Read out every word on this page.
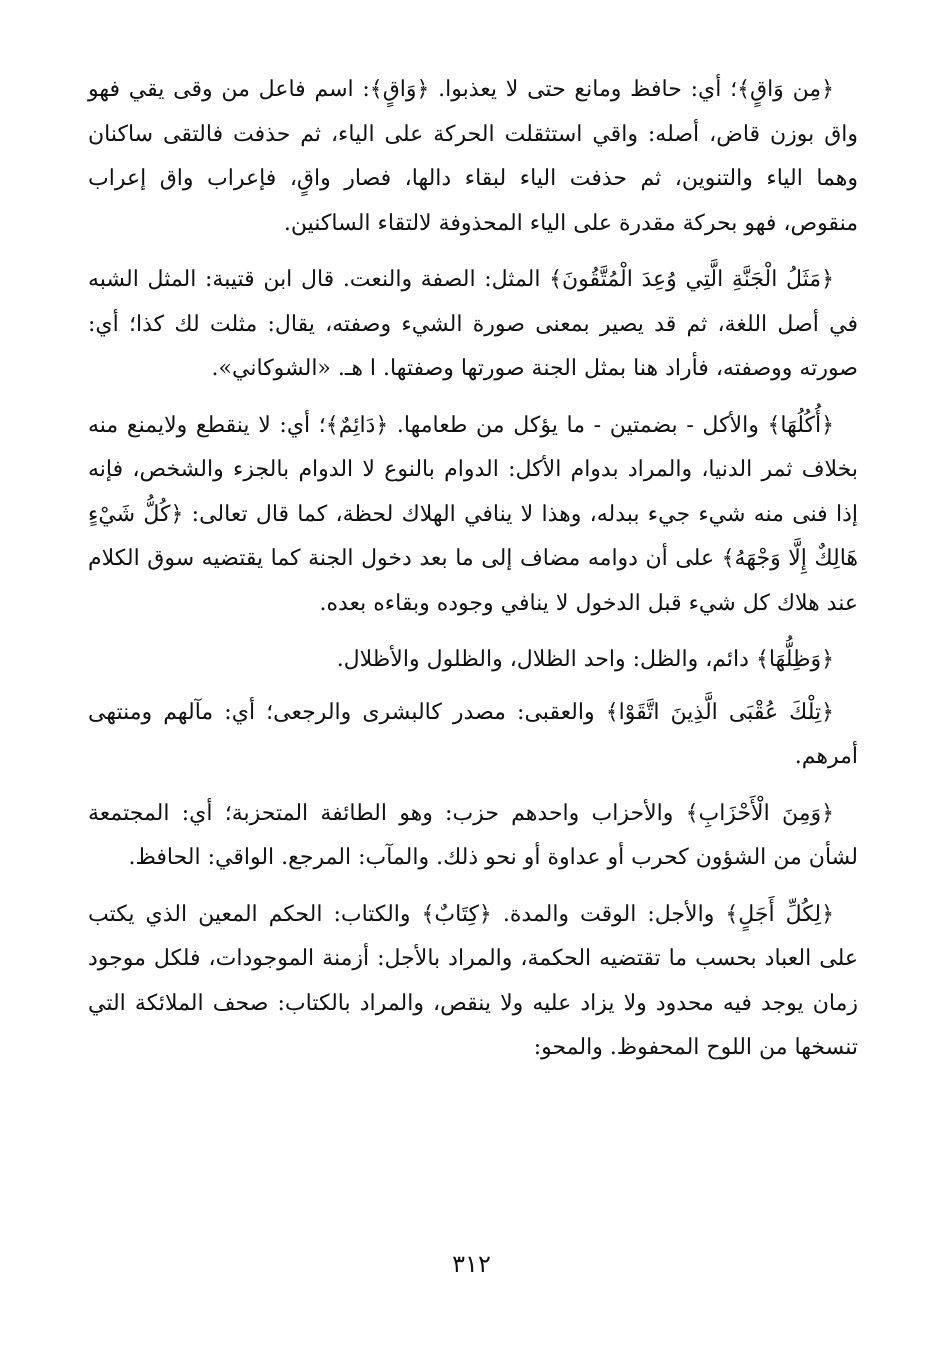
﴿مِن وَاقٍ﴾؛ أي: حافظ ومانع حتى لا يعذبوا. ﴿وَاقٍ﴾: اسم فاعل من وقى يقي فهو واق بوزن قاض، أصله: واقي استثقلت الحركة على الياء، ثم حذفت فالتقى ساكنان وهما الياء والتنوين، ثم حذفت الياء لبقاء دالها، فصار واقٍ، فإعراب واق إعراب منقوص، فهو بحركة مقدرة على الياء المحذوفة لالتقاء الساكنين.

﴿مَثَلُ الْجَنَّةِ الَّتِي وُعِدَ الْمُتَّقُونَ﴾ المثل: الصفة والنعت. قال ابن قتيبة: المثل الشبه في أصل اللغة، ثم قد يصير بمعنى صورة الشيء وصفته، يقال: مثلت لك كذا؛ أي: صورته ووصفته، فأراد هنا بمثل الجنة صورتها وصفتها. ا هـ. «الشوكاني».

﴿أُكُلُهَا﴾ والأكل - بضمتين - ما يؤكل من طعامها. ﴿دَائِمٌ﴾؛ أي: لا ينقطع ولايمنع منه بخلاف ثمر الدنيا، والمراد بدوام الأكل: الدوام بالنوع لا الدوام بالجزء والشخص، فإنه إذا فنى منه شيء جيء ببدله، وهذا لا ينافي الهلاك لحظة، كما قال تعالى: ﴿كُلُّ شَيْءٍ هَالِكٌ إِلَّا وَجْهَهُ﴾ على أن دوامه مضاف إلى ما بعد دخول الجنة كما يقتضيه سوق الكلام عند هلاك كل شيء قبل الدخول لا ينافي وجوده وبقاءه بعده.

﴿وَظِلُّهَا﴾ دائم، والظل: واحد الظلال، والظلول والأظلال.

﴿تِلْكَ عُقْبَى الَّذِينَ اتَّقَوْا﴾ والعقبى: مصدر كالبشرى والرجعى؛ أي: مآلهم ومنتهى أمرهم.

﴿وَمِنَ الْأَحْزَابِ﴾ والأحزاب واحدهم حزب: وهو الطائفة المتحزبة؛ أي: المجتمعة لشأن من الشؤون كحرب أو عداوة أو نحو ذلك. والمآب: المرجع. الواقي: الحافظ.

﴿لِكُلِّ أَجَلٍ﴾ والأجل: الوقت والمدة. ﴿كِتَابٌ﴾ والكتاب: الحكم المعين الذي يكتب على العباد بحسب ما تقتضيه الحكمة، والمراد بالأجل: أزمنة الموجودات، فلكل موجود زمان يوجد فيه محدود ولا يزاد عليه ولا ينقص، والمراد بالكتاب: صحف الملائكة التي تنسخها من اللوح المحفوظ. والمحو:

٣١٢
